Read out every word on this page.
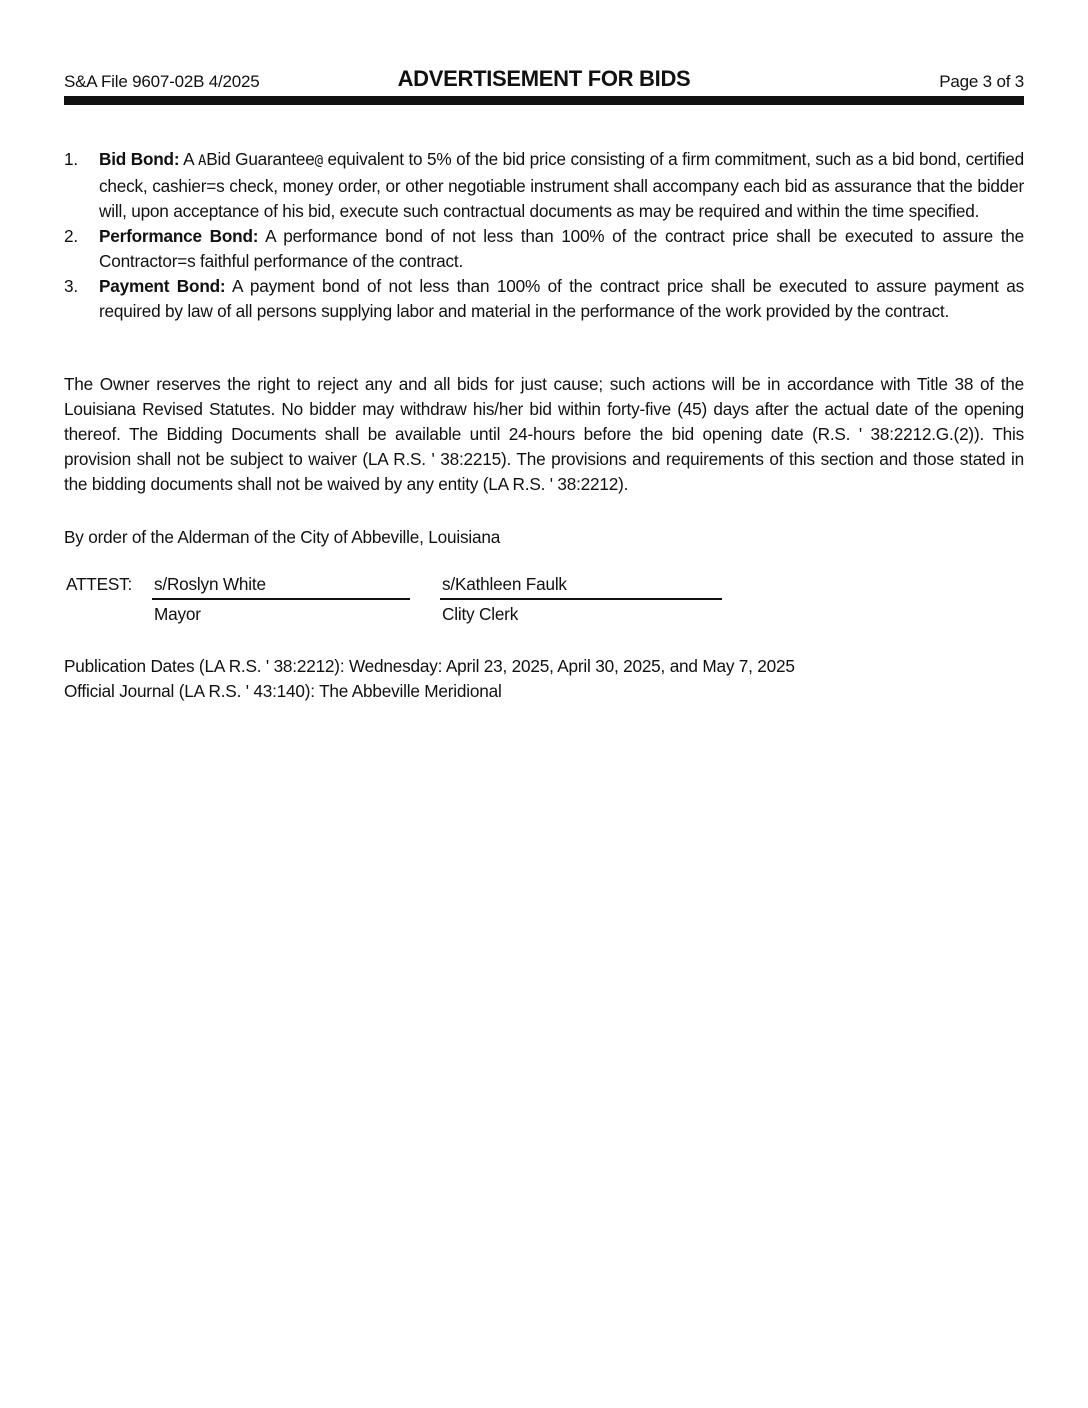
S&A File 9607-02B 4/2025	ADVERTISEMENT FOR BIDS	Page 3 of 3
1. Bid Bond: A ABid Guarantee@ equivalent to 5% of the bid price consisting of a firm commitment, such as a bid bond, certified check, cashier=s check, money order, or other negotiable instrument shall accompany each bid as assurance that the bidder will, upon acceptance of his bid, execute such contractual documents as may be required and within the time specified.
2. Performance Bond: A performance bond of not less than 100% of the contract price shall be executed to assure the Contractor=s faithful performance of the contract.
3. Payment Bond: A payment bond of not less than 100% of the contract price shall be executed to assure payment as required by law of all persons supplying labor and material in the performance of the work provided by the contract.

The Owner reserves the right to reject any and all bids for just cause; such actions will be in accordance with Title 38 of the Louisiana Revised Statutes. No bidder may withdraw his/her bid within forty-five (45) days after the actual date of the opening thereof. The Bidding Documents shall be available until 24-hours before the bid opening date (R.S. ' 38:2212.G.(2)). This provision shall not be subject to waiver (LA R.S. ' 38:2215). The provisions and requirements of this section and those stated in the bidding documents shall not be waived by any entity (LA R.S. ' 38:2212).

By order of the Alderman of the City of Abbeville, Louisiana

ATTEST: s/Roslyn White
Mayor
s/Kathleen Faulk
Clity Clerk
Publication Dates (LA R.S. ' 38:2212): Wednesday: April 23, 2025, April 30, 2025, and May 7, 2025
Official Journal (LA R.S. ' 43:140): The Abbeville Meridional
